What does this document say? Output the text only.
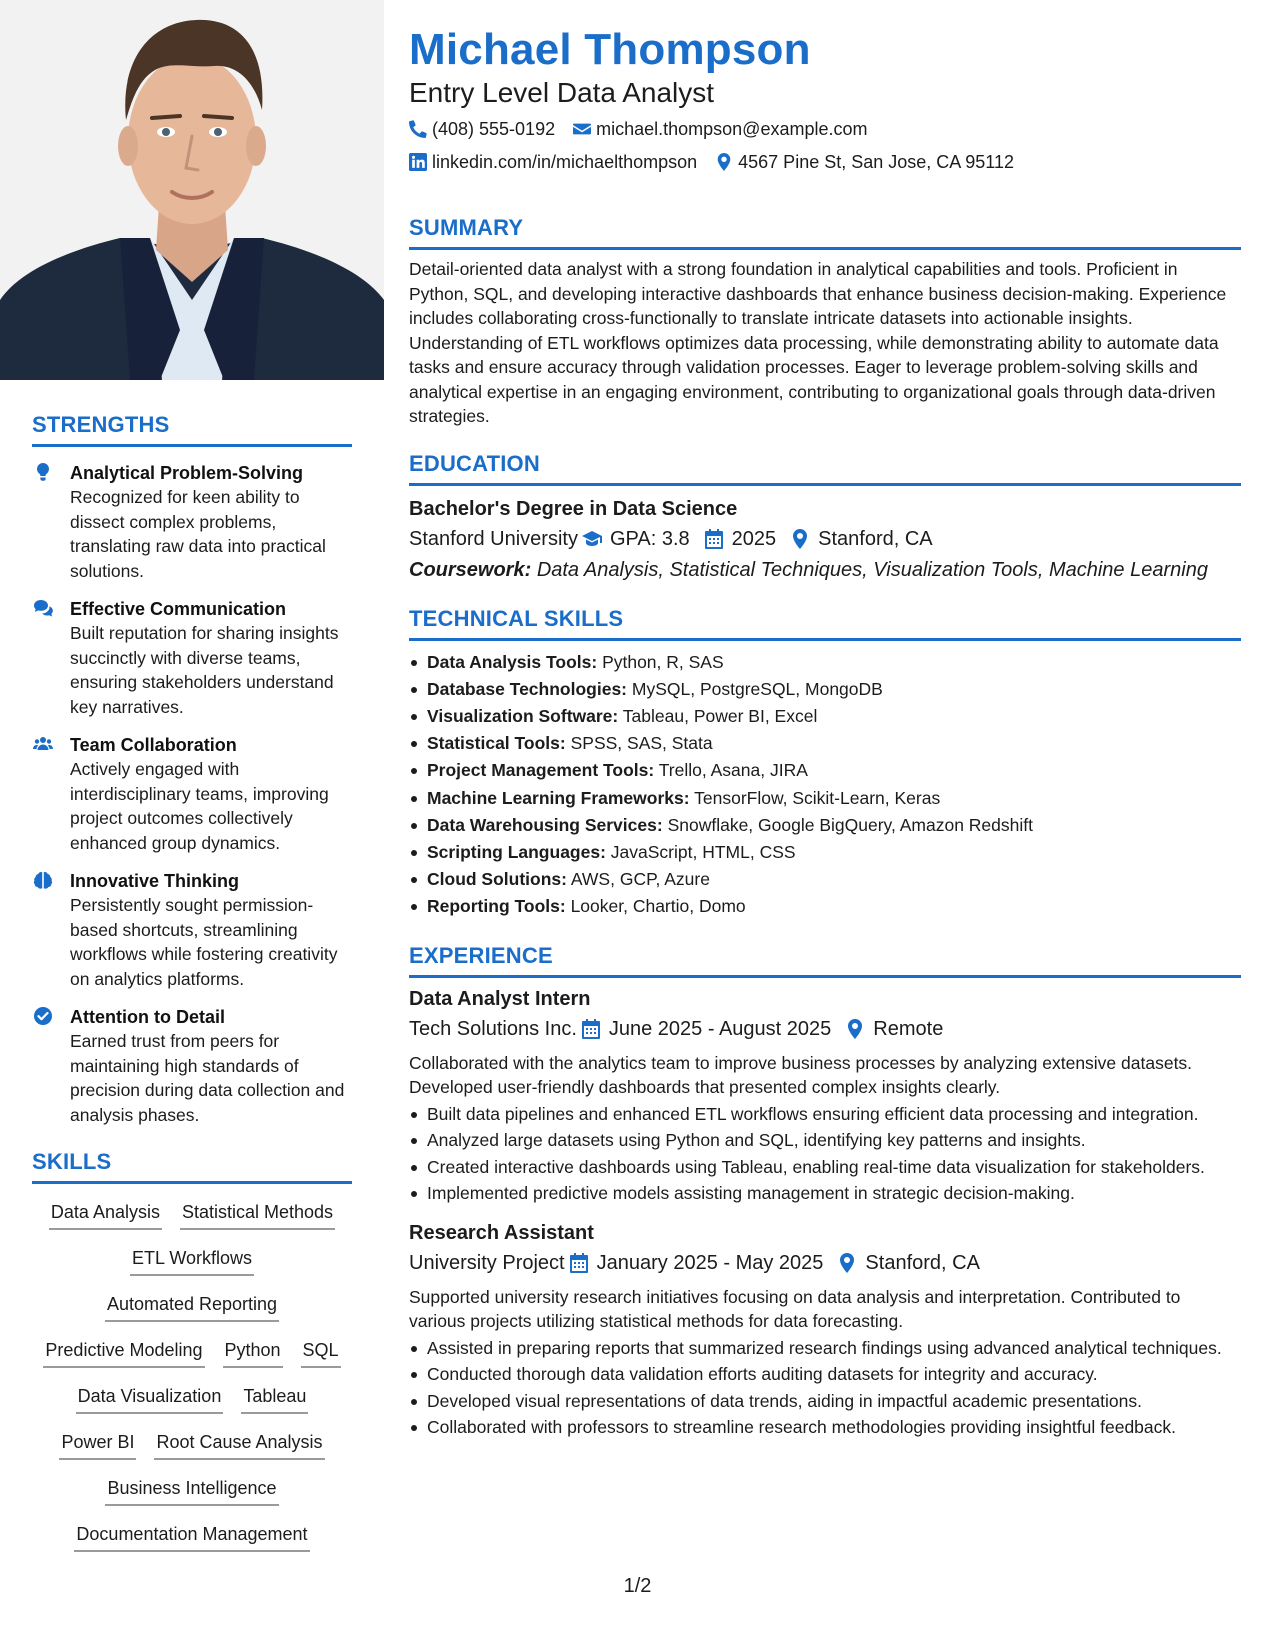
STRENGTHS
Analytical Problem-Solving
Recognized for keen ability to dissect complex problems, translating raw data into practical solutions.
Effective Communication
Built reputation for sharing insights succinctly with diverse teams, ensuring stakeholders understand key narratives.
Team Collaboration
Actively engaged with interdisciplinary teams, improving project outcomes collectively enhanced group dynamics.
Innovative Thinking
Persistently sought permission-based shortcuts, streamlining workflows while fostering creativity on analytics platforms.
Attention to Detail
Earned trust from peers for maintaining high standards of precision during data collection and analysis phases.
SKILLS
Data Analysis Statistical Methods
ETL Workflows
Automated Reporting
Predictive Modeling Python SQL
Data Visualization Tableau
Power BI Root Cause Analysis
Business Intelligence
Documentation Management
Michael Thompson
Entry Level Data Analyst
(408) 555-0192 michael.thompson@example.com
linkedin.com/in/michaelthompson 4567 Pine St, San Jose, CA 95112
SUMMARY
Detail-oriented data analyst with a strong foundation in analytical capabilities and tools. Proficient in Python, SQL, and developing interactive dashboards that enhance business decision-making. Experience includes collaborating cross-functionally to translate intricate datasets into actionable insights. Understanding of ETL workflows optimizes data processing, while demonstrating ability to automate data tasks and ensure accuracy through validation processes. Eager to leverage problem-solving skills and analytical expertise in an engaging environment, contributing to organizational goals through data-driven strategies.
EDUCATION
Bachelor's Degree in Data Science
Stanford University GPA: 3.8 2025 Stanford, CA
Coursework: Data Analysis, Statistical Techniques, Visualization Tools, Machine Learning
TECHNICAL SKILLS
Data Analysis Tools: Python, R, SAS
Database Technologies: MySQL, PostgreSQL, MongoDB
Visualization Software: Tableau, Power BI, Excel
Statistical Tools: SPSS, SAS, Stata
Project Management Tools: Trello, Asana, JIRA
Machine Learning Frameworks: TensorFlow, Scikit-Learn, Keras
Data Warehousing Services: Snowflake, Google BigQuery, Amazon Redshift
Scripting Languages: JavaScript, HTML, CSS
Cloud Solutions: AWS, GCP, Azure
Reporting Tools: Looker, Chartio, Domo
EXPERIENCE
Data Analyst Intern
Tech Solutions Inc. June 2025 - August 2025 Remote
Collaborated with the analytics team to improve business processes by analyzing extensive datasets. Developed user-friendly dashboards that presented complex insights clearly.
Built data pipelines and enhanced ETL workflows ensuring efficient data processing and integration.
Analyzed large datasets using Python and SQL, identifying key patterns and insights.
Created interactive dashboards using Tableau, enabling real-time data visualization for stakeholders.
Implemented predictive models assisting management in strategic decision-making.
Research Assistant
University Project January 2025 - May 2025 Stanford, CA
Supported university research initiatives focusing on data analysis and interpretation. Contributed to various projects utilizing statistical methods for data forecasting.
Assisted in preparing reports that summarized research findings using advanced analytical techniques.
Conducted thorough data validation efforts auditing datasets for integrity and accuracy.
Developed visual representations of data trends, aiding in impactful academic presentations.
Collaborated with professors to streamline research methodologies providing insightful feedback.
1/2
